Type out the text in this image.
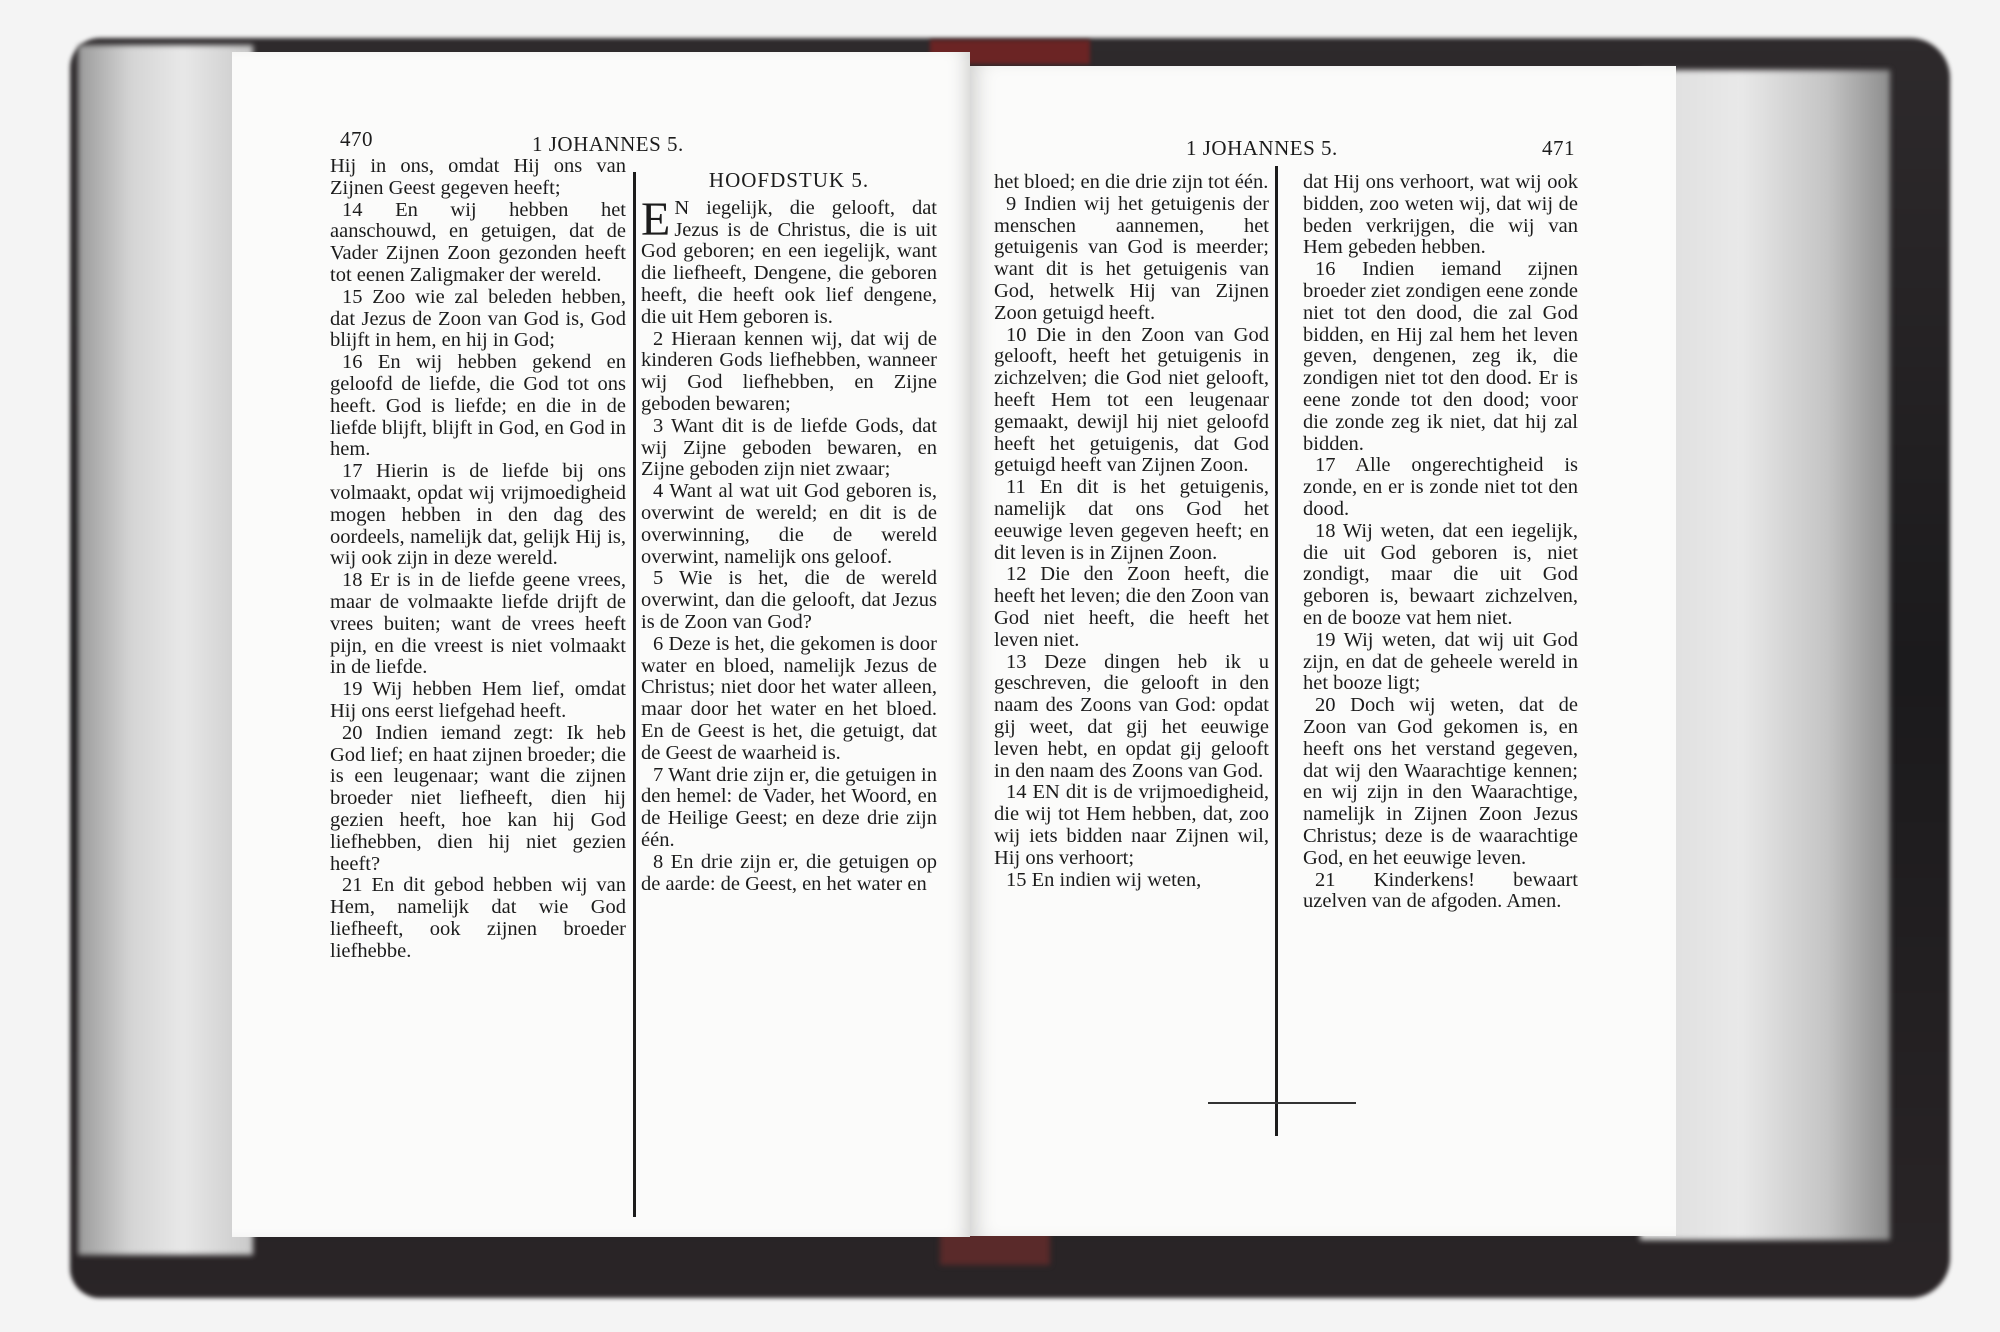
470	1 JOHANNES 5.

Hij in ons, omdat Hij ons van Zijnen Geest gegeven heeft;

14 En wij hebben het aanschouwd, en getuigen, dat de Vader Zijnen Zoon gezonden heeft tot eenen Zaligmaker der wereld.

15 Zoo wie zal beleden hebben, dat Jezus de Zoon van God is, God blijft in hem, en hij in God;

16 En wij hebben gekend en geloofd de liefde, die God tot ons heeft. God is liefde; en die in de liefde blijft, blijft in God, en God in hem.

17 Hierin is de liefde bij ons volmaakt, opdat wij vrijmoedigheid mogen hebben in den dag des oordeels, namelijk dat, gelijk Hij is, wij ook zijn in deze wereld.

18 Er is in de liefde geene vrees, maar de volmaakte liefde drijft de vrees buiten; want de vrees heeft pijn, en die vreest is niet volmaakt in de liefde.

19 Wij hebben Hem lief, omdat Hij ons eerst liefgehad heeft.

20 Indien iemand zegt: Ik heb God lief; en haat zijnen broeder; die is een leugenaar; want die zijnen broeder niet liefheeft, dien hij gezien heeft, hoe kan hij God liefhebben, dien hij niet gezien heeft?

21 En dit gebod hebben wij van Hem, namelijk dat wie God liefheeft, ook zijnen broeder liefhebbe.

HOOFDSTUK 5.

E N iegelijk, die gelooft, dat Jezus is de Christus, die is uit God geboren; en een iegelijk, want die liefheeft, Dengene, die geboren heeft, die heeft ook lief dengene, die uit Hem geboren is.

2 Hieraan kennen wij, dat wij de kinderen Gods liefhebben, wanneer wij God liefhebben, en Zijne geboden bewaren;

3 Want dit is de liefde Gods, dat wij Zijne geboden bewaren, en Zijne geboden zijn niet zwaar;

4 Want al wat uit God geboren is, overwint de wereld; en dit is de overwinning, die de wereld overwint, namelijk ons geloof.

5 Wie is het, die de wereld overwint, dan die gelooft, dat Jezus is de Zoon van God?

6 Deze is het, die gekomen is door water en bloed, namelijk Jezus de Christus; niet door het water alleen, maar door het water en het bloed. En de Geest is het, die getuigt, dat de Geest de waarheid is.

7 Want drie zijn er, die getuigen in den hemel: de Vader, het Woord, en de Heilige Geest; en deze drie zijn één.

8 En drie zijn er, die getuigen op de aarde: de Geest, en het water en

1 JOHANNES 5.	471

het bloed; en die drie zijn tot één.

9 Indien wij het getuigenis der menschen aannemen, het getuigenis van God is meerder; want dit is het getuigenis van God, hetwelk Hij van Zijnen Zoon getuigd heeft.

10 Die in den Zoon van God gelooft, heeft het getuigenis in zichzelven; die God niet gelooft, heeft Hem tot een leugenaar gemaakt, dewijl hij niet geloofd heeft het getuigenis, dat God getuigd heeft van Zijnen Zoon.

11 En dit is het getuigenis, namelijk dat ons God het eeuwige leven gegeven heeft; en dit leven is in Zijnen Zoon.

12 Die den Zoon heeft, die heeft het leven; die den Zoon van God niet heeft, die heeft het leven niet.

13 Deze dingen heb ik u geschreven, die gelooft in den naam des Zoons van God: opdat gij weet, dat gij het eeuwige leven hebt, en opdat gij gelooft in den naam des Zoons van God.

14 EN dit is de vrijmoedigheid, die wij tot Hem hebben, dat, zoo wij iets bidden naar Zijnen wil, Hij ons verhoort;

15 En indien wij weten,

dat Hij ons verhoort, wat wij ook bidden, zoo weten wij, dat wij de beden verkrijgen, die wij van Hem gebeden hebben.

16 Indien iemand zijnen broeder ziet zondigen eene zonde niet tot den dood, die zal God bidden, en Hij zal hem het leven geven, dengenen, zeg ik, die zondigen niet tot den dood. Er is eene zonde tot den dood; voor die zonde zeg ik niet, dat hij zal bidden.

17 Alle ongerechtigheid is zonde, en er is zonde niet tot den dood.

18 Wij weten, dat een iegelijk, die uit God geboren is, niet zondigt, maar die uit God geboren is, bewaart zichzelven, en de booze vat hem niet.

19 Wij weten, dat wij uit God zijn, en dat de geheele wereld in het booze ligt;

20 Doch wij weten, dat de Zoon van God gekomen is, en heeft ons het verstand gegeven, dat wij den Waarachtige kennen; en wij zijn in den Waarachtige, namelijk in Zijnen Zoon Jezus Christus; deze is de waarachtige God, en het eeuwige leven.

21 Kinderkens! bewaart uzelven van de afgoden. Amen.
